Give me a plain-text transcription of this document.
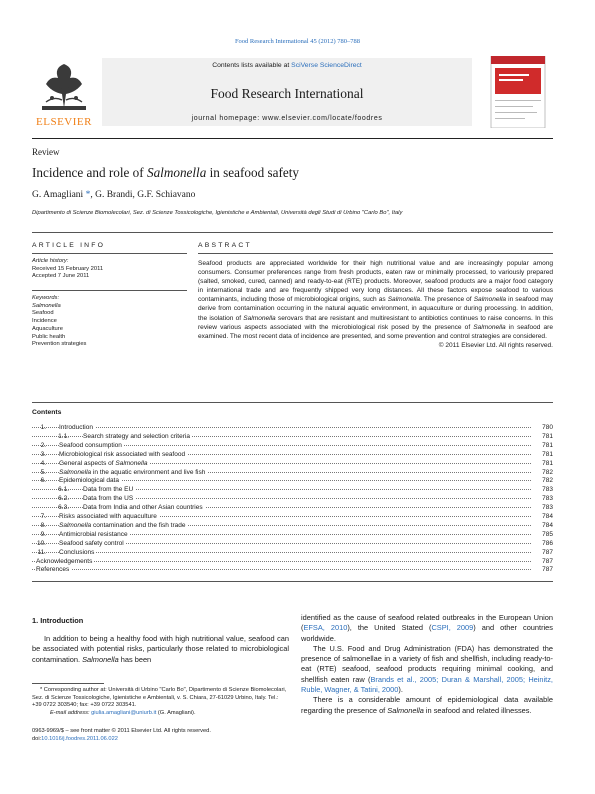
Food Research International 45 (2012) 780–788
ELSEVIER
Contents lists available at SciVerse ScienceDirect
Food Research International
journal homepage: www.elsevier.com/locate/foodres
Review
Incidence and role of Salmonella in seafood safety
G. Amagliani *, G. Brandi, G.F. Schiavano
Dipartimento di Scienze Biomolecolari, Sez. di Scienze Tossicologiche, Igienistiche e Ambientali, Università degli Studi di Urbino "Carlo Bo", Italy
ARTICLE INFO
Article history:
Received 15 February 2011
Accepted 7 June 2011
Keywords:
Salmonella
Seafood
Incidence
Aquaculture
Public health
Prevention strategies
ABSTRACT

Seafood products are appreciated worldwide for their high nutritional value and are increasingly popular among consumers. Consumer preferences range from fresh products, eaten raw or minimally processed, to variously prepared (salted, smoked, cured, canned) and ready-to-eat (RTE) products. Moreover, seafood products are a major food category in international trade and are frequently shipped very long distances. All these factors expose seafood to various contaminants, including those of microbiological origins, such as Salmonella. The presence of Salmonella in seafood may derive from contamination occurring in the natural aquatic environment, in aquaculture or during processing. In addition, the isolation of Salmonella serovars that are resistant and multiresistant to antibiotics continues to raise concerns. In this review various aspects associated with the microbiological risk posed by the presence of Salmonella in seafood are examined. The most recent data of incidence are presented, and some prevention and control strategies are considered.

© 2011 Elsevier Ltd. All rights reserved.

Contents
1. Introduction	780
1.1. Search strategy and selection criteria	781
2. Seafood consumption	781
3. Microbiological risk associated with seafood	781
4. General aspects of Salmonella	781
5. Salmonella in the aquatic environment and live fish	782
6. Epidemiological data	782
6.1. Data from the EU	783
6.2. Data from the US	783
6.3. Data from India and other Asian countries	783
7. Risks associated with aquaculture	784
8. Salmonella contamination and the fish trade	784
9. Antimicrobial resistance	785
10. Seafood safety control	786
11. Conclusions	787
Acknowledgements	787
References	787
1. Introduction

In addition to being a healthy food with high nutritional value, seafood can be associated with potential risks, particularly those related to microbiological contamination. Salmonella has been

* Corresponding author at: Università di Urbino "Carlo Bo", Dipartimento di Scienze Biomolecolari, Sez. di Scienze Tossicologiche, Igienistiche e Ambientali, v. S. Chiara, 27-61029 Urbino, Italy. Tel.: +39 0722 303540; fax: +39 0722 303541.
E-mail address: giulia.amagliani@uniurb.it (G. Amagliani).
0963-9969/$ – see front matter © 2011 Elsevier Ltd. All rights reserved.
doi:10.1016/j.foodres.2011.06.022

identified as the cause of seafood related outbreaks in the European Union (EFSA, 2010), the United Stated (CSPI, 2009) and other countries worldwide.

The U.S. Food and Drug Administration (FDA) has demonstrated the presence of salmonellae in a variety of fish and shellfish, including ready-to-eat (RTE) seafood, seafood products requiring minimal cooking, and shellfish eaten raw (Brands et al., 2005; Duran & Marshall, 2005; Heinitz, Ruble, Wagner, & Tatini, 2000).

There is a considerable amount of epidemiological data available regarding the presence of Salmonella in seafood and related illnesses.
